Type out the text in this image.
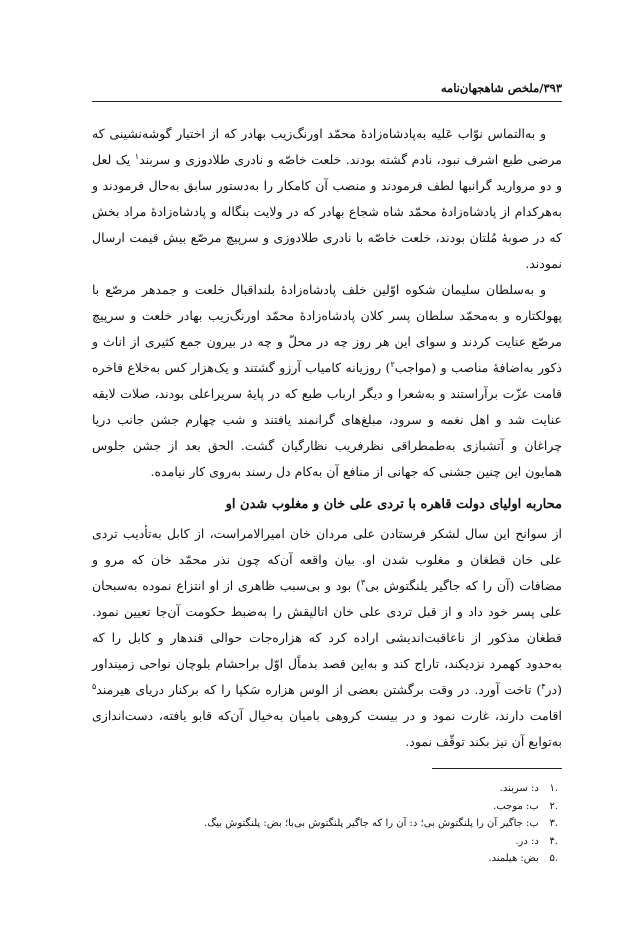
۳۹۳/ملخص شاهجهان‌نامه

و به‌التماس نوّاب عَلیه به‌پادشاه‌زادهٔ محمّد اورنگ‌زیب بهادر که از اختیار گوشه‌نشینی که مرضی طبع اشرف نبود، نادم گشته بودند. خلعت خاصّه و نادری طلادوزی و سربند$^۱$ یک لعل و دو مروارید گرانبها لطف فرمودند و منصب آن کامکار را به‌دستور سابق به‌حال فرمودند و به‌هرکدام از پادشاه‌زادهٔ محمّد شاه شجاع بهادر که در ولایت بنگاله و پادشاه‌زادهٔ مراد بخش که در صوبهٔ مُلتان بودند، خلعت خاصّه با نادری طلادوزی و سرپیچ مرصّع بیش قیمت ارسال نمودند.

و به‌سلطان سلیمان شکوه اوّلین خلف پادشاه‌زادهٔ بلنداقبال خلعت و جمدهر مرصّع با پهولکتاره و به‌محمّد سلطان پسر کلان پادشاه‌زادهٔ محمّد اورنگ‌زیب بهادر خلعت و سرپیچ مرصّع عنایت کردند و سوای این هر روز چه در محلّ و چه در بیرون جمع کثیری از اناث و ذکور به‌اضافهٔ مناصب و (مواجب$^۲$) روزیانه کامیاب آرزو گشتند و یک‌هزار کس به‌خلاع فاخره قامت عزّت برآراستند و به‌شعرا و دیگر ارباب طبع که در پایهٔ سریراعلی بودند، صلات لایقه عنایت شد و اهل نغمه و سرود، مبلغ‌های گرانمند یافتند و شب چهارم جشن جانب دریا چراغان و آتشبازی به‌طمطراقی نظرفریب نظارگیان گشت. الحق بعد از جشن جلوس همایون این چنین جشنی که جهانی از منافع آن به‌کام دل رسند به‌روی کار نیامده.

محاربه اولیای دولت قاهره با تردی علی خان و مغلوب شدن او

از سوانح این سال لشکر فرستادن علی مردان خان امیرالامراست، از کابل به‌تأدیب تردی علی خان قطغان و مغلوب شدن او. بیان واقعه آن‌که چون نذر محمّد خان که مرو و مضافات (آن را که جاگیر یلنگتوش بی$^۳$) بود و بی‌سبب ظاهری از او انتزاع نموده به‌سبحان علی پسر خود داد و از قبل تردی علی خان اتالیقش را به‌ضبط حکومت آن‌جا تعیین نمود. قطغان مذکور از ناعاقبت‌اندیشی اراده کرد که هزاره‌جات حوالی قندهار و کابل را که به‌حدود کهمرد نزدیکند، تاراج کند و به‌این قصد بدماًل اوّل براحشام بلوچان نواحی زمینداور (در$^۴$) تاخت آورد. در وقت برگشتن بعضی از الوس هزاره سَکپا را که برکنار دریای هیرمند$^۵$ اقامت دارند، غارت نمود و در بیست کروهی بامیان به‌خیال آن‌که قابو یافته، دست‌اندازی به‌توابع آن نیز بکند توقّف نمود.

.۱ د: سربند.
.۲ ب: موجب.
.۳ ب: جاگیر آن را پلنگتوش بی؛ د: آن را که جاگیر پلنگتوش بی‌با؛ بض: پلنگتوش بیگ.
.۴ د: در.
.۵ بض: هیلمند.
